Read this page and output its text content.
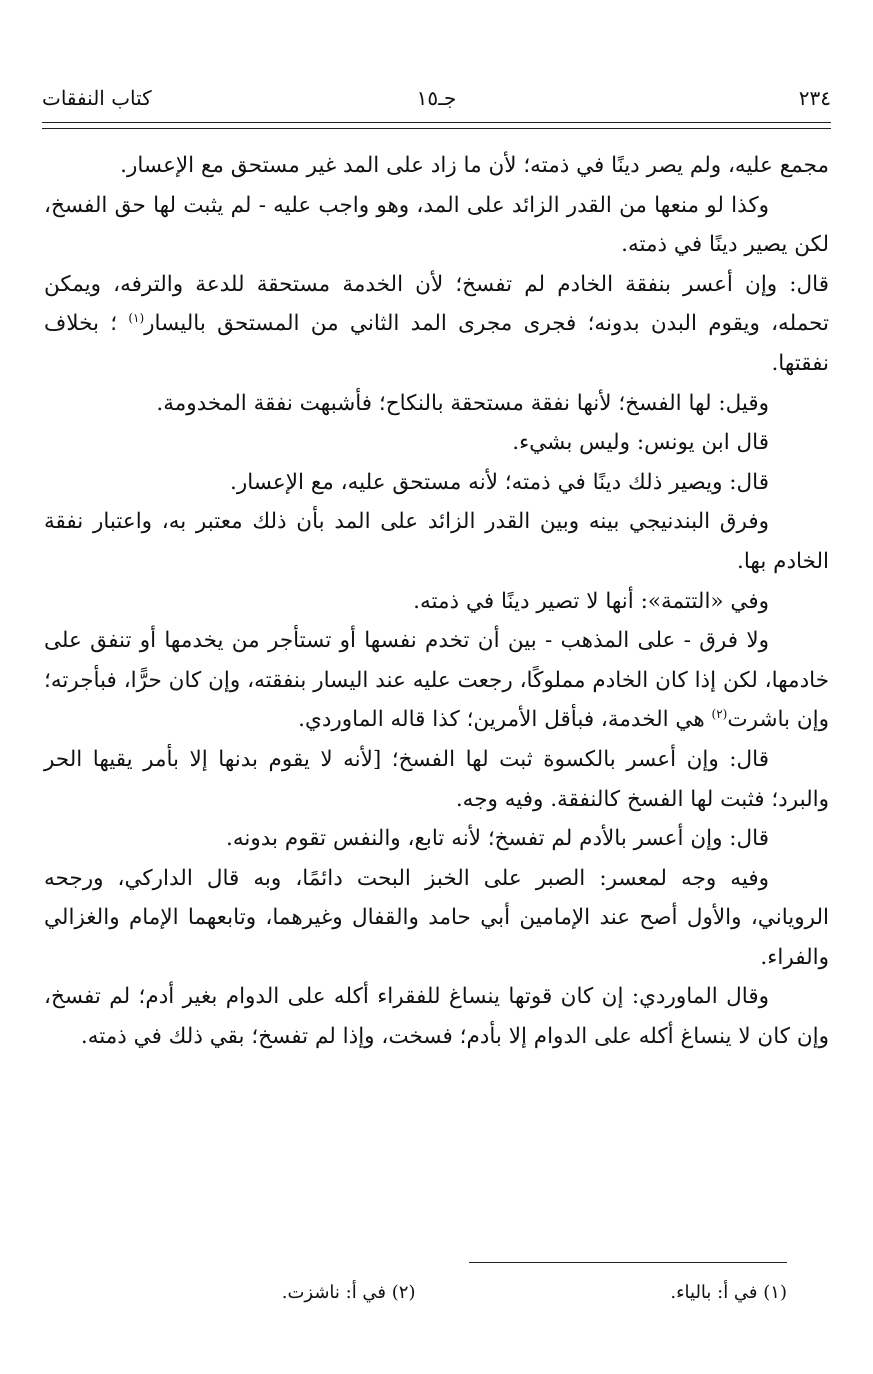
٢٣٤
جـ١٥
كتاب النفقات

مجمع عليه، ولم يصر دينًا في ذمته؛ لأن ما زاد على المد غير مستحق مع الإعسار.

وكذا لو منعها من القدر الزائد على المد، وهو واجب عليه - لم يثبت لها حق الفسخ، لكن يصير دينًا في ذمته.

قال: وإن أعسر بنفقة الخادم لم تفسخ؛ لأن الخدمة مستحقة للدعة والترفه، ويمكن تحمله، ويقوم البدن بدونه؛ فجرى مجرى المد الثاني من المستحق باليسار$^{(١)}$ ؛ بخلاف نفقتها.

وقيل: لها الفسخ؛ لأنها نفقة مستحقة بالنكاح؛ فأشبهت نفقة المخدومة.

قال ابن يونس: وليس بشيء.

قال: ويصير ذلك دينًا في ذمته؛ لأنه مستحق عليه، مع الإعسار.

وفرق البندنيجي بينه وبين القدر الزائد على المد بأن ذلك معتبر به، واعتبار نفقة الخادم بها.

وفي «التتمة»: أنها لا تصير دينًا في ذمته.

ولا فرق - على المذهب - بين أن تخدم نفسها أو تستأجر من يخدمها أو تنفق على خادمها، لكن إذا كان الخادم مملوكًا، رجعت عليه عند اليسار بنفقته، وإن كان حرًّا، فبأجرته؛ وإن باشرت$^{(٢)}$ هي الخدمة، فبأقل الأمرين؛ كذا قاله الماوردي.

قال: وإن أعسر بالكسوة ثبت لها الفسخ؛ [لأنه لا يقوم بدنها إلا بأمر يقيها الحر والبرد؛ فثبت لها الفسخ كالنفقة. وفيه وجه.

قال: وإن أعسر بالأدم لم تفسخ؛ لأنه تابع، والنفس تقوم بدونه.

وفيه وجه لمعسر: الصبر على الخبز البحت دائمًا، وبه قال الداركي، ورجحه الروياني، والأول أصح عند الإمامين أبي حامد والقفال وغيرهما، وتابعهما الإمام والغزالي والفراء.

وقال الماوردي: إن كان قوتها ينساغ للفقراء أكله على الدوام بغير أدم؛ لم تفسخ، وإن كان لا ينساغ أكله على الدوام إلا بأدم؛ فسخت، وإذا لم تفسخ؛ بقي ذلك في ذمته.

(١) في أ: بالياء.
(٢) في أ: ناشزت.
